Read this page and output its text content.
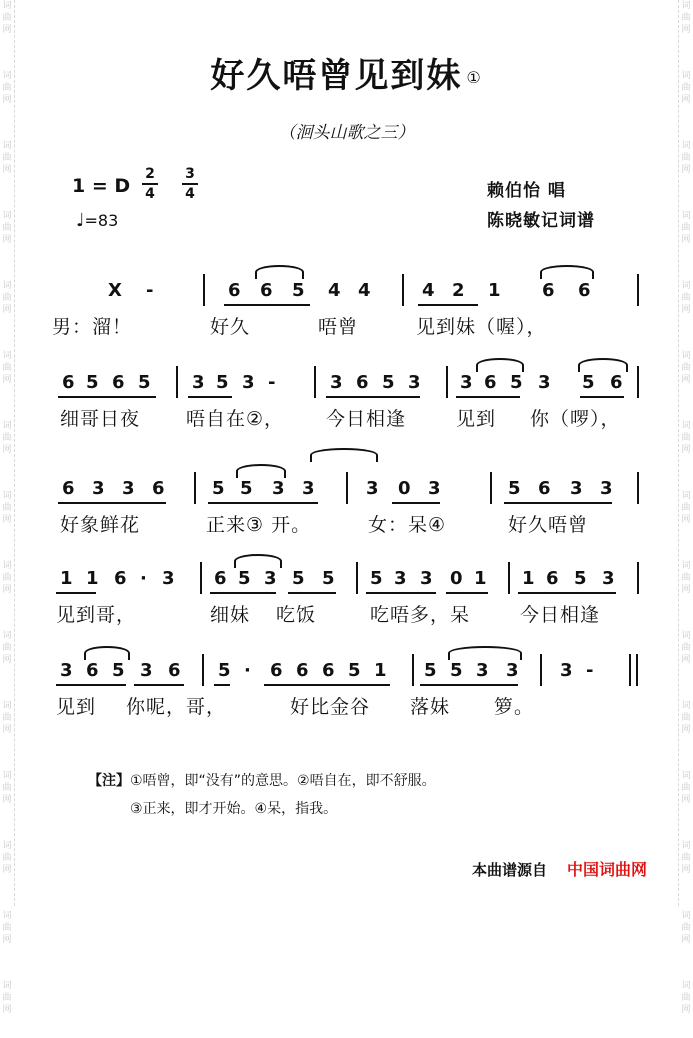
词
曲
网
词
曲
网
词
曲
网
词
曲
网
词
曲
网
词
曲
网
词
曲
网
词
曲
网
词
曲
网
词
曲
网
词
曲
网
词
曲
网
词
曲
网
词
曲
网
词
曲
网
词
曲
网
词
曲
网
词
曲
网
词
曲
网
词
曲
网
词
曲
网
词
曲
网
词
曲
网
词
曲
网
词
曲
网
词
曲
网
词
曲
网
词
曲
网
词
曲
网
词
曲
网
好久唔曾见到妹 ①
（洄头山歌之三）
1 = D
2
4
3
4
♩=83
赖伯怡 唱
陈晓敏记词谱
X -	6 6 5 4 4	4 2 1 6 6
男：溜！	好久	唔曾	见到妹（喔），
6 5 6 5 3 5 3 -	3 6 5 3 3 6 5 3 5 6
细哥日夜 唔自在②， 今日相逢	见到 你（啰），
6 3 3 6	5 5 3 3	3 0 3	5 6 3 3
好象鲜花	正来③ 开。	女：呆④	好久唔曾
1 1 6 · 3 6 5 3 5 5 5 3 3 0 1 1 6 5 3
见到哥，	细妹 吃饭	吃唔多，呆	今日相逢
3 6 5 3 6 5 · 6 6 6 5 1 5 5 3 3 3 -
见到 你呢，哥，	好比金谷 落妹 箩。
【注】①唔曾，即“没有”的意思。②唔自在，即不舒服。
③正来，即才开始。④呆，指我。
本曲谱源自 中国词曲网
